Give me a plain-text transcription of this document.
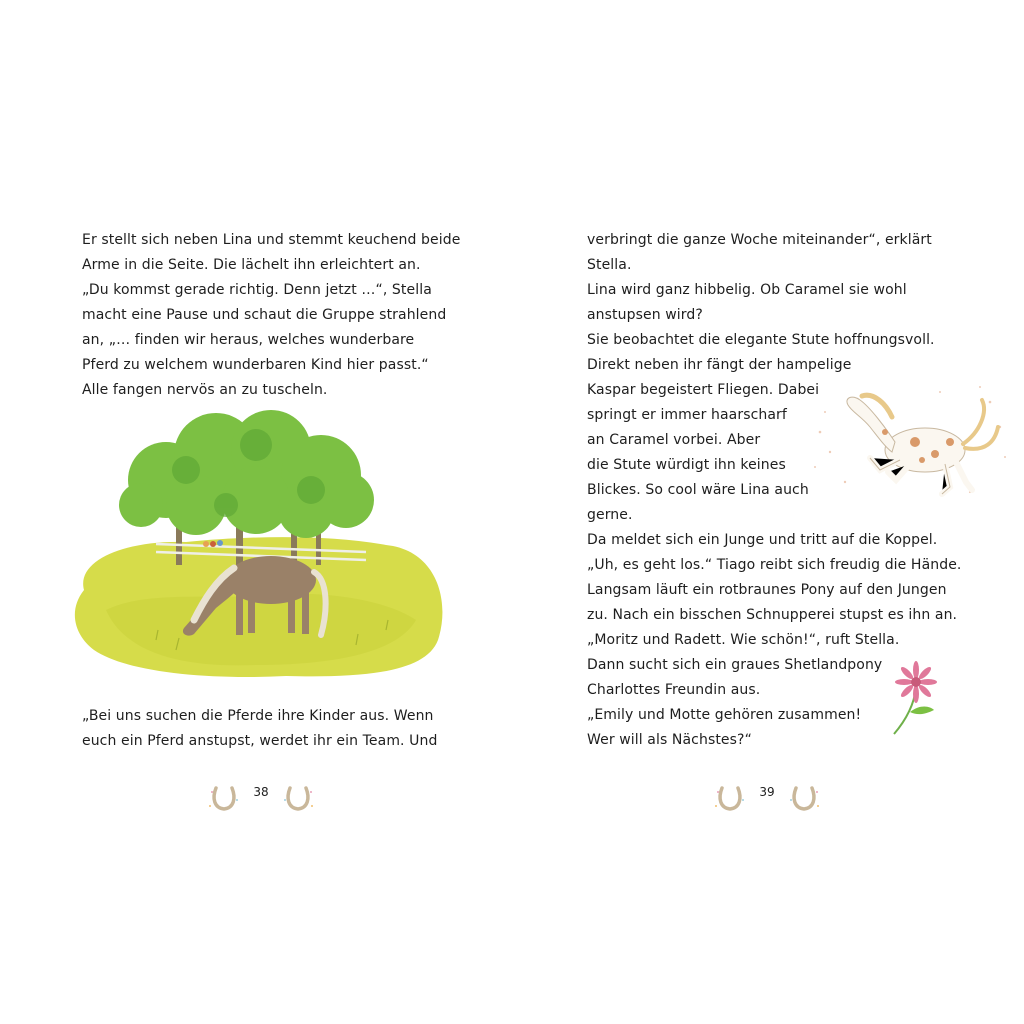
Er stellt sich neben Lina und stemmt keuchend beide
Arme in die Seite. Die lächelt ihn erleichtert an.
„Du kommst gerade richtig. Denn jetzt …“, Stella
macht eine Pause und schaut die Gruppe strahlend
an, „… finden wir heraus, welches wunderbare
Pferd zu welchem wunderbaren Kind hier passt.“
Alle fangen nervös an zu tuscheln.
„Bei uns suchen die Pferde ihre Kinder aus. Wenn
euch ein Pferd anstupst, werdet ihr ein Team. Und
38
verbringt die ganze Woche miteinander“, erklärt
Stella.
Lina wird ganz hibbelig. Ob Caramel sie wohl
anstupsen wird?
Sie beobachtet die elegante Stute hoffnungsvoll.
Direkt neben ihr fängt der hampelige
Kaspar begeistert Fliegen. Dabei
springt er immer haarscharf
an Caramel vorbei. Aber
die Stute würdigt ihn keines
Blickes. So cool wäre Lina auch
gerne.
Da meldet sich ein Junge und tritt auf die Koppel.
„Uh, es geht los.“ Tiago reibt sich freudig die Hände.
Langsam läuft ein rotbraunes Pony auf den Jungen
zu. Nach ein bisschen Schnupperei stupst es ihn an.
„Moritz und Radett. Wie schön!“, ruft Stella.
Dann sucht sich ein graues Shetlandpony
Charlottes Freundin aus.
„Emily und Motte gehören zusammen!
Wer will als Nächstes?“
39
